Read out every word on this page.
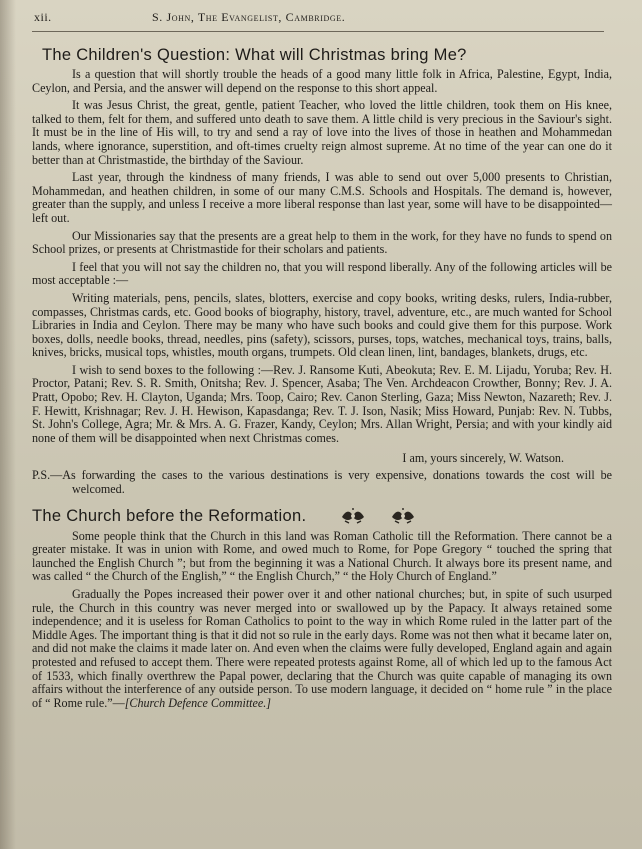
xii.	S. John, The Evangelist, Cambridge.
The Children's Question: What will Christmas bring Me?

Is a question that will shortly trouble the heads of a good many little folk in Africa, Palestine, Egypt, India, Ceylon, and Persia, and the answer will depend on the response to this short appeal.

It was Jesus Christ, the great, gentle, patient Teacher, who loved the little children, took them on His knee, talked to them, felt for them, and suffered unto death to save them. A little child is very precious in the Saviour's sight. It must be in the line of His will, to try and send a ray of love into the lives of those in heathen and Mohammedan lands, where ignorance, superstition, and oft-times cruelty reign almost supreme. At no time of the year can one do it better than at Christmastide, the birthday of the Saviour.

Last year, through the kindness of many friends, I was able to send out over 5,000 presents to Christian, Mohammedan, and heathen children, in some of our many C.M.S. Schools and Hospitals. The demand is, however, greater than the supply, and unless I receive a more liberal response than last year, some will have to be disappointed—left out.

Our Missionaries say that the presents are a great help to them in the work, for they have no funds to spend on School prizes, or presents at Christmastide for their scholars and patients.

I feel that you will not say the children no, that you will respond liberally. Any of the following articles will be most acceptable :—

Writing materials, pens, pencils, slates, blotters, exercise and copy books, writing desks, rulers, India-rubber, compasses, Christmas cards, etc. Good books of biography, history, travel, adventure, etc., are much wanted for School Libraries in India and Ceylon. There may be many who have such books and could give them for this purpose. Work boxes, dolls, needle books, thread, needles, pins (safety), scissors, purses, tops, watches, mechanical toys, trains, balls, knives, bricks, musical tops, whistles, mouth organs, trumpets. Old clean linen, lint, bandages, blankets, drugs, etc.

I wish to send boxes to the following :—Rev. J. Ransome Kuti, Abeokuta; Rev. E. M. Lijadu, Yoruba; Rev. H. Proctor, Patani; Rev. S. R. Smith, Onitsha; Rev. J. Spencer, Asaba; The Ven. Archdeacon Crowther, Bonny; Rev. J. A. Pratt, Opobo; Rev. H. Clayton, Uganda; Mrs. Toop, Cairo; Rev. Canon Sterling, Gaza; Miss Newton, Nazareth; Rev. J. F. Hewitt, Krishnagar; Rev. J. H. Hewison, Kapasdanga; Rev. T. J. Ison, Nasik; Miss Howard, Punjab: Rev. N. Tubbs, St. John's College, Agra; Mr. & Mrs. A. G. Frazer, Kandy, Ceylon; Mrs. Allan Wright, Persia; and with your kindly aid none of them will be disappointed when next Christmas comes.

I am, yours sincerely, W. Watson.

P.S.—As forwarding the cases to the various destinations is very expensive, donations towards the cost will be welcomed.

The Church before the Reformation.

Some people think that the Church in this land was Roman Catholic till the Reformation. There cannot be a greater mistake. It was in union with Rome, and owed much to Rome, for Pope Gregory “ touched the spring that launched the English Church ”; but from the beginning it was a National Church. It always bore its present name, and was called “ the Church of the English,” “ the English Church,” “ the Holy Church of England.”

Gradually the Popes increased their power over it and other national churches; but, in spite of such usurped rule, the Church in this country was never merged into or swallowed up by the Papacy. It always retained some independence; and it is useless for Roman Catholics to point to the way in which Rome ruled in the latter part of the Middle Ages. The important thing is that it did not so rule in the early days. Rome was not then what it became later on, and did not make the claims it made later on. And even when the claims were fully developed, England again and again protested and refused to accept them. There were repeated protests against Rome, all of which led up to the famous Act of 1533, which finally overthrew the Papal power, declaring that the Church was quite capable of managing its own affairs without the interference of any outside person. To use modern language, it decided on “ home rule ” in the place of “ Rome rule.”—[Church Defence Committee.]
